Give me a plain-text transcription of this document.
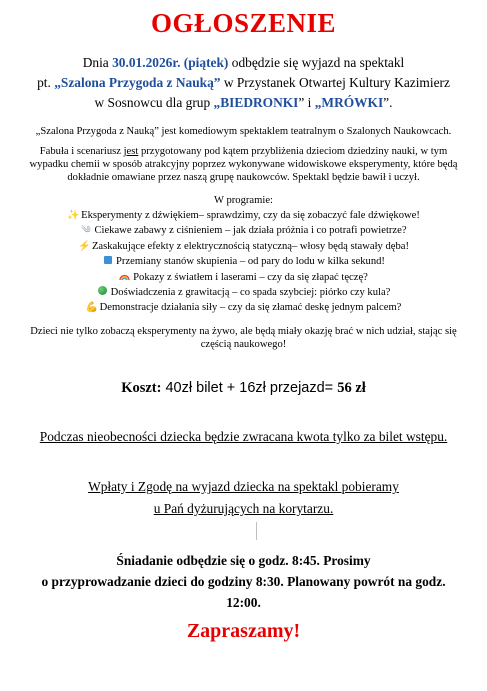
OGŁOSZENIE
Dnia 30.01.2026r. (piątek) odbędzie się wyjazd na spektakl
pt. „Szalona Przygoda z Nauką” w Przystanek Otwartej Kultury Kazimierz
w Sosnowcu dla grup „BIEDRONKI” i „MRÓWKI”.
„Szalona Przygoda z Nauką” jest komediowym spektaklem teatralnym o Szalonych Naukowcach.
Fabuła i scenariusz jest przygotowany pod kątem przybliżenia dzieciom dziedziny nauki, w tym wypadku chemii w sposób atrakcyjny poprzez wykonywane widowiskowe eksperymenty, które będą dokładnie omawiane przez naszą grupę naukowców. Spektakl będzie bawił i uczył.
W programie:
✨ Eksperymenty z dźwiękiem– sprawdzimy, czy da się zobaczyć fale dźwiękowe!
༄ Ciekawe zabawy z ciśnieniem – jak działa próżnia i co potrafi powietrze?
⚡ Zaskakujące efekty z elektrycznością statyczną– włosy będą stawały dęba!
Przemiany stanów skupienia – od pary do lodu w kilka sekund!
Pokazy z światłem i laserami – czy da się złapać tęczę?
Doświadczenia z grawitacją – co spada szybciej: piórko czy kula?
💪 Demonstracje działania siły – czy da się złamać deskę jednym palcem?
Dzieci nie tylko zobaczą eksperymenty na żywo, ale będą miały okazję brać w nich udział, stając się częścią naukowego!
Koszt: 40zł bilet + 16zł przejazd= 56 zł
Podczas nieobecności dziecka będzie zwracana kwota tylko za bilet wstępu.
Wpłaty i Zgodę na wyjazd dziecka na spektakl pobieramy
u Pań dyżurujących na korytarzu.
Śniadanie odbędzie się o godz. 8:45. Prosimy
o przyprowadzanie dzieci do godziny 8:30. Planowany powrót na godz.
12:00.
Zapraszamy!
